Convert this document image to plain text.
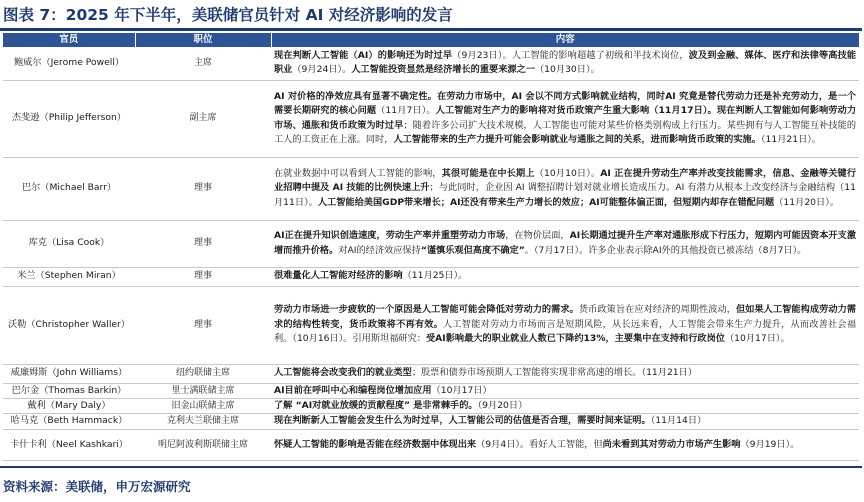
图表 7：2025 年下半年，美联储官员针对 AI 对经济影响的发言
官员	职位	内容
鲍威尔（Jerome Powell）	主席	现在判断人工智能（AI）的影响还为时过早（9月23日）。人工智能的影响超越了初级和半技术岗位，波及到金融、媒体、医疗和法律等高技能职业（9月24日）。人工智能投资显然是经济增长的重要来源之一（10月30日）。
杰斐逊（Philip Jefferson）	副主席	AI 对价格的净效应具有显著不确定性。在劳动力市场中，AI 会以不同方式影响就业结构，同时AI 究竟是替代劳动力还是补充劳动力，是一个需要长期研究的核心问题（11月7日）。人工智能对生产力的影响将对货币政策产生重大影响（11月17日）。现在判断人工智能如何影响劳动力市场、通胀和货币政策为时过早；随着许多公司扩大技术规模，人工智能也可能对某些价格类别构成上行压力。某些拥有与人工智能互补技能的工人的工资正在上涨。同时，人工智能带来的生产力提升可能会影响就业与通胀之间的关系，进而影响货币政策的实施。（11月21日）。
巴尔（Michael Barr）	理事	在就业数据中可以看到人工智能的影响，其很可能是在中长期上（10月10日）。AI 正在提升劳动生产率并改变技能需求，信息、金融等关键行业招聘中提及 AI 技能的比例快速上升；与此同时，企业因 AI 调整招聘计划对就业增长造成压力。AI 有潜力从根本上改变经济与金融结构（11月11日）。人工智能给美国GDP带来增长；AI还没有带来生产力增长的效应；AI可能整体偏正面，但短期内却存在错配问题（11月20日）。
库克（Lisa Cook）	理事	AI正在提升知识创造速度，劳动生产率并重塑劳动力市场，在物价层面，AI长期通过提升生产率对通胀形成下行压力，短期内可能因资本开支激增而推升价格。对AI的经济效应保持“谨慎乐观但高度不确定”。（7月17日）。许多企业表示除AI外的其他投资已被冻结（8月7日）。
米兰（Stephen Miran）	理事	很难量化人工智能对经济的影响（11月25日）。
沃勒（Christopher Waller）	理事	劳动力市场进一步疲软的一个原因是人工智能可能会降低对劳动力的需求。货币政策旨在应对经济的周期性波动，但如果人工智能构成劳动力需求的结构性转变，货币政策将不再有效。人工智能对劳动力市场而言是短期风险，从长远来看，人工智能会带来生产力提升，从而改善社会福利。（10月16日）。引用斯坦福研究：受AI影响最大的职业就业人数已下降约13%，主要集中在支持和行政岗位（10月17日）。
威廉姆斯（John Williams）	纽约联储主席	人工智能将会改变我们的就业类型；股票和债券市场预期人工智能将实现非常高速的增长。（11月21日）
巴尔金（Thomas Barkin）	里士满联储主席	AI目前在呼叫中心和编程岗位增加应用（10月17日）
戴利（Mary Daly）	旧金山联储主席	了解 “AI对就业放缓的贡献程度” 是非常棘手的。（9月20日）
哈马克（Beth Hammack）	克利夫兰联储主席	现在判断新人工智能会发生什么为时过早，人工智能公司的估值是否合理，需要时间来证明。（11月14日）
卡什卡利（Neel Kashkari）	明尼阿波利斯联储主席	怀疑人工智能的影响是否能在经济数据中体现出来（9月4日）。看好人工智能，但尚未看到其对劳动力市场产生影响（9月19日）。
资料来源：美联储，申万宏源研究
